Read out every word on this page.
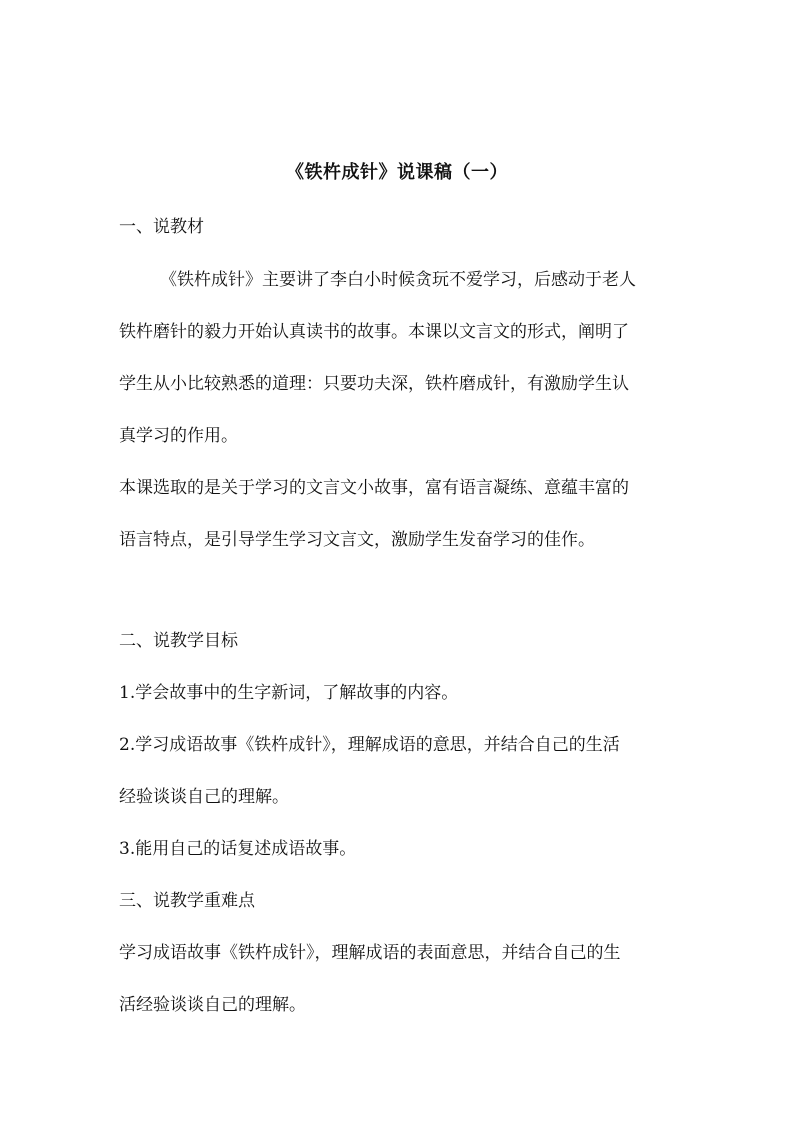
《铁杵成针》说课稿（一）
一、说教材
《铁杵成针》主要讲了李白小时候贪玩不爱学习，后感动于老人
铁杵磨针的毅力开始认真读书的故事。本课以文言文的形式，阐明了
学生从小比较熟悉的道理：只要功夫深，铁杵磨成针，有激励学生认
真学习的作用。
本课选取的是关于学习的文言文小故事，富有语言凝练、意蕴丰富的
语言特点，是引导学生学习文言文，激励学生发奋学习的佳作。
二、说教学目标
1.学会故事中的生字新词，了解故事的内容。
2.学习成语故事《铁杵成针》，理解成语的意思，并结合自己的生活
经验谈谈自己的理解。
3.能用自己的话复述成语故事。
三、说教学重难点
学习成语故事《铁杵成针》，理解成语的表面意思，并结合自己的生
活经验谈谈自己的理解。
